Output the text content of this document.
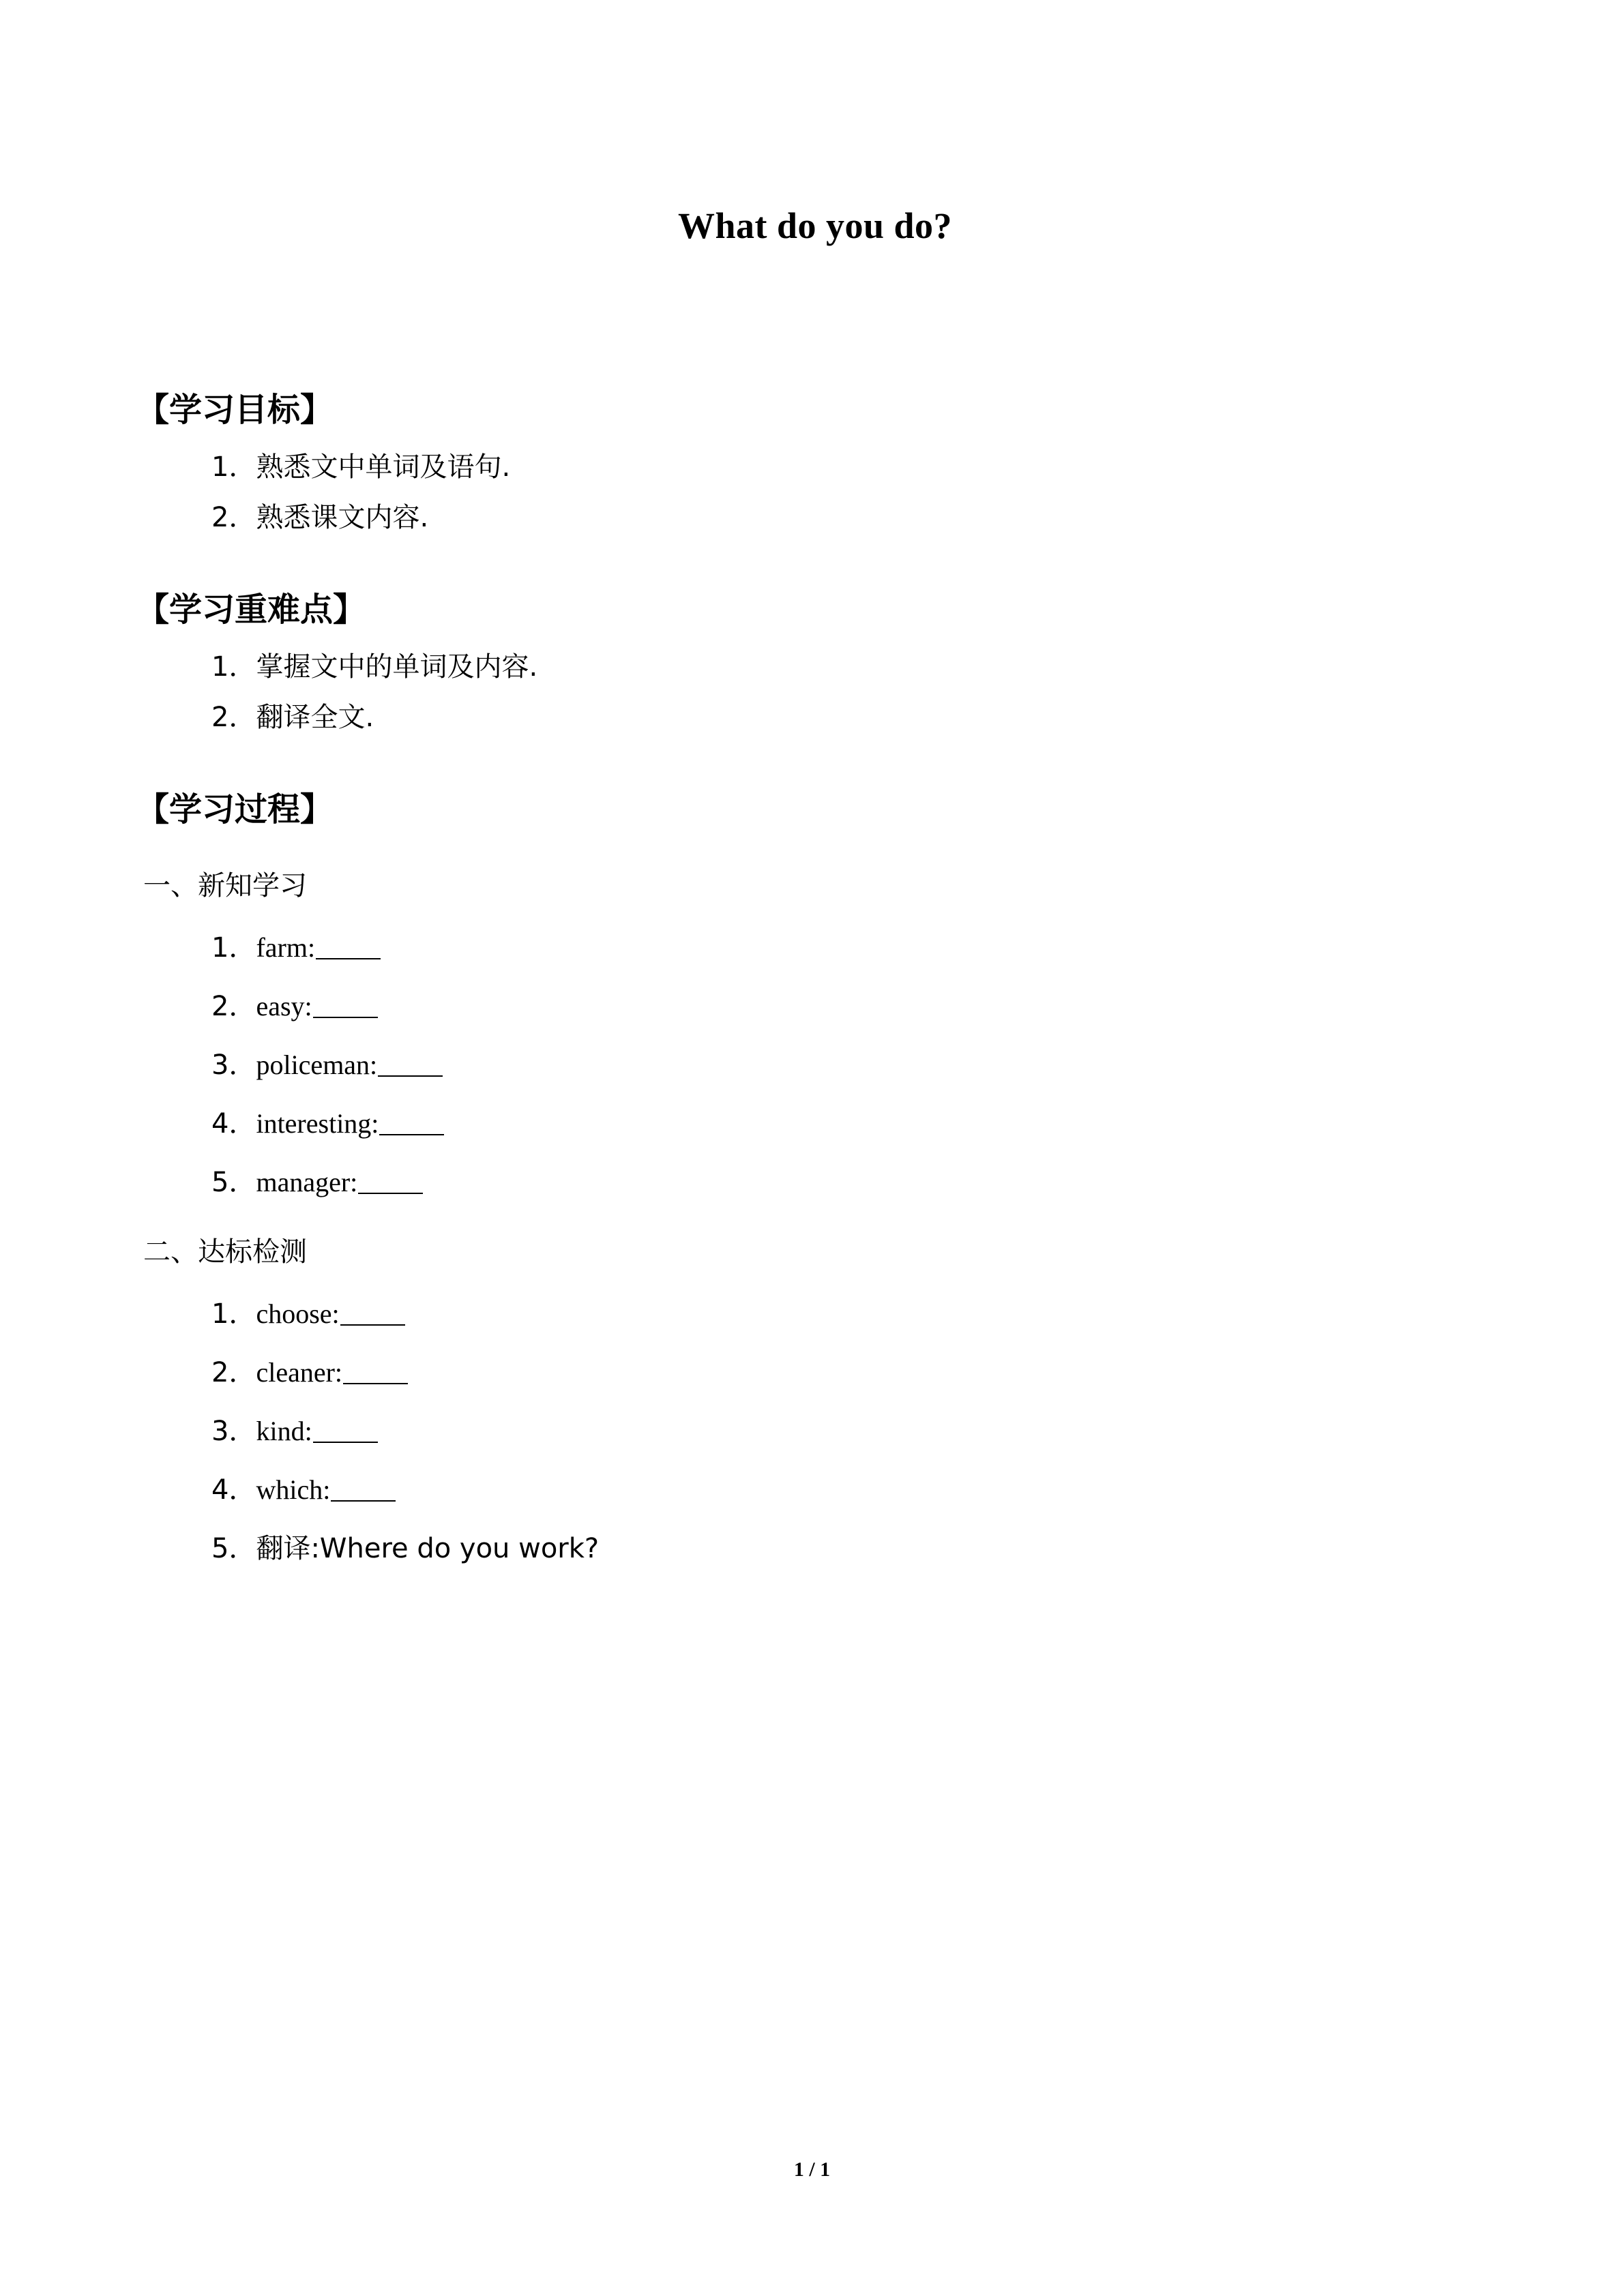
What do you do?
【学习目标】
1．熟悉文中单词及语句.
2．熟悉课文内容.
【学习重难点】
1．掌握文中的单词及内容.
2．翻译全文.
【学习过程】
一、新知学习
1．farm:
2．easy:
3．policeman:
4．interesting:
5．manager:
二、达标检测
1．choose:
2．cleaner:
3．kind:
4．which:
5．翻译:Where do you work?
1 / 1
